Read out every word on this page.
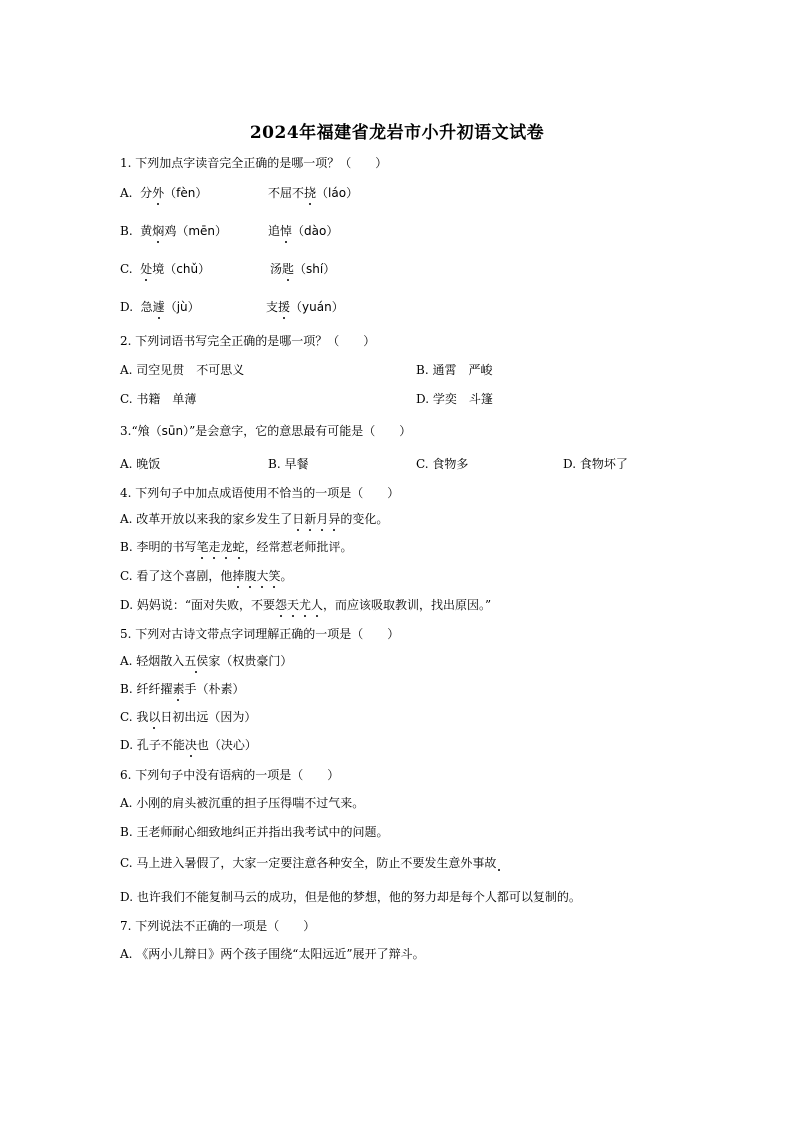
2024年福建省龙岩市小升初语文试卷
1. 下列加点字读音完全正确的是哪一项？（　　）
A. 分外（fèn）	不屈不挠（láo）
B. 黄焖鸡（mēn）	追悼（dào）
C. 处境（chǔ）	汤匙（shí）
D. 急遽（jù）	支援（yuán）
2. 下列词语书写完全正确的是哪一项？（　　）
A. 司空见贯　不可思义	B. 通霄　严峻
C. 书籍　单薄	D. 学奕　斗篷
3.“飧（sūn）”是会意字，它的意思最有可能是（　　）
A. 晚饭	B. 早餐	C. 食物多	D. 食物坏了
4. 下列句子中加点成语使用不恰当的一项是（　　）
A. 改革开放以来我的家乡发生了日新月异的变化。
B. 李明的书写笔走龙蛇，经常惹老师批评。
C. 看了这个喜剧，他捧腹大笑。
D. 妈妈说：“面对失败，不要怨天尤人，而应该吸取教训，找出原因。”
5. 下列对古诗文带点字词理解正确的一项是（　　）
A. 轻烟散入五侯家（权贵豪门）
B. 纤纤擢素手（朴素）
C. 我以日初出远（因为）
D. 孔子不能决也（决心）
6. 下列句子中没有语病的一项是（　　）
A. 小刚的肩头被沉重的担子压得喘不过气来。
B. 王老师耐心细致地纠正并指出我考试中的问题。
C. 马上进入暑假了，大家一定要注意各种安全，防止不要发生意外事故
D. 也许我们不能复制马云的成功，但是他的梦想，他的努力却是每个人都可以复制的。
7. 下列说法不正确的一项是（　　）
A. 《两小儿辩日》两个孩子围绕“太阳远近”展开了辩斗。
